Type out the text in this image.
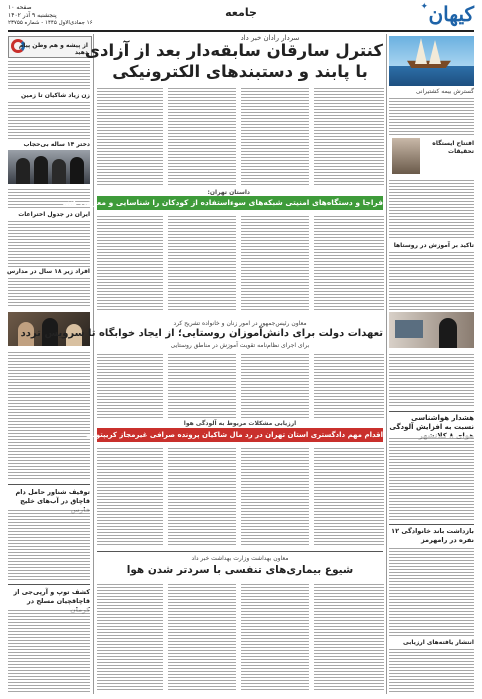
صفحه ۱۰
پنجشنبه ۹ آذر ۱۴۰۲
۱۶ جمادی‌الاول ۱۴۴۵ - شماره ۲۳۷۵۵
جامعه	کیهان
✦
از پیشه و هم وطن پیام دهید
زن زیاد شاکیان تا زمین
دختر ۱۴ ساله بی‌حجاب
ایران در جدول اختراعات
افراد زیر ۱۸ سال در مدارس
توقیف شناور حامل دام قاچاق در آب‌های خلیج
کشف توپ و آرپی‌جی از قاچاقچیان مسلح در
گسترش بیمه کشتیرانی
افتتاح ایستگاه تحقیقات
تاکید بر آموزش در روستاها
هشدار هواشناسی نسبت به افزایش آلودگی
بازداشت باند خانوادگی ۱۲ نفره در رامهرمز
انتشار یافته‌های ارزیابی
سردار رادان خبر داد
کنترل سارقان سابقه‌دار بعد از آزادی
با پابند و دستبندهای الکترونیکی
داستان تهران:
فراجا و دستگاه‌های امنیتی شبکه‌های سوءاستفاده از کودکان را شناسایی و معرفی کنند
معاون رئیس‌جمهور در امور زنان و خانواده تشریح کرد
تعهدات دولت برای دانش‌آموزان روستایی؛ از ایجاد خوابگاه تا سرویس تردد
برای اجرای نظام‌نامه تقویت آموزش در مناطق روستایی
ارزیابی مشکلات مربوط به آلودگی هوا
اقدام مهم دادگستری استان تهران در رد مال شاکیان پرونده صرافی غیرمجاز کریپتولند
معاون بهداشت وزارت بهداشت خبر داد
شیوع بیماری‌های تنفسی با سردتر شدن هوا
